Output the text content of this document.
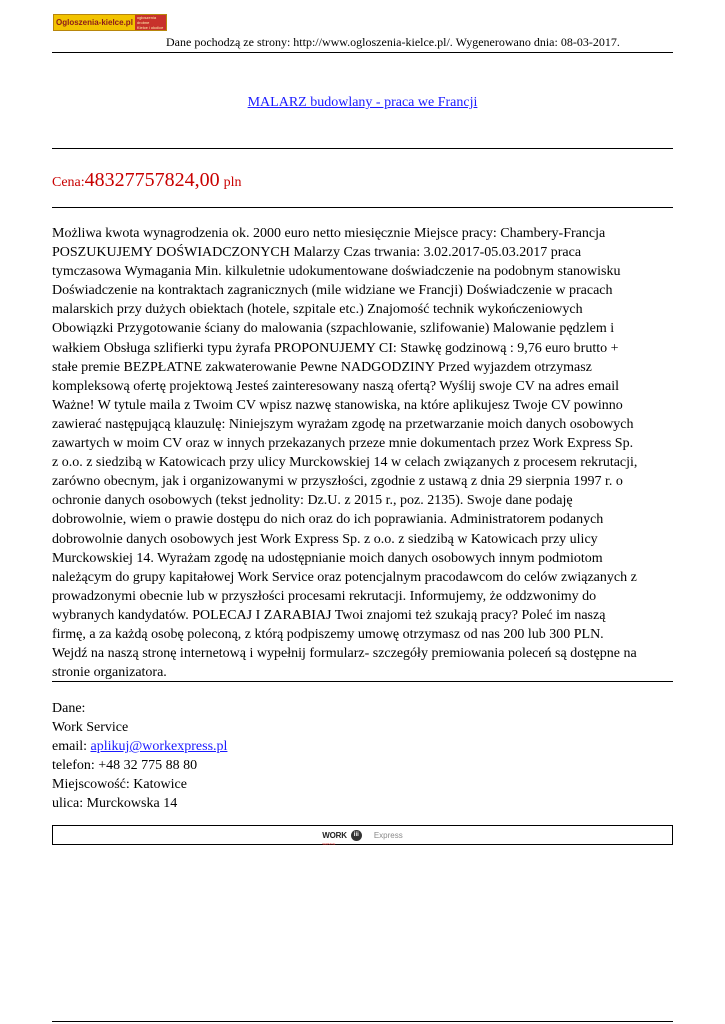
Ogloszenia-kielce.pl
ogłoszenia
drobne
Kielce i okolice
Dane pochodzą ze strony: http://www.ogloszenia-kielce.pl/. Wygenerowano dnia: 08-03-2017.
MALARZ budowlany - praca we Francji
Cena:48327757824,00 pln
Możliwa kwota wynagrodzenia ok. 2000 euro netto miesięcznie Miejsce pracy: Chambery-Francja
POSZUKUJEMY DOŚWIADCZONYCH Malarzy Czas trwania: 3.02.2017-05.03.2017 praca
tymczasowa Wymagania Min. kilkuletnie udokumentowane doświadczenie na podobnym stanowisku
Doświadczenie na kontraktach zagranicznych (mile widziane we Francji) Doświadczenie w pracach
malarskich przy dużych obiektach (hotele, szpitale etc.) Znajomość technik wykończeniowych
Obowiązki Przygotowanie ściany do malowania (szpachlowanie, szlifowanie) Malowanie pędzlem i
wałkiem Obsługa szlifierki typu żyrafa PROPONUJEMY CI: Stawkę godzinową : 9,76 euro brutto +
stałe premie BEZPŁATNE zakwaterowanie Pewne NADGODZINY Przed wyjazdem otrzymasz
kompleksową ofertę projektową Jesteś zainteresowany naszą ofertą? Wyślij swoje CV na adres email
Ważne! W tytule maila z Twoim CV wpisz nazwę stanowiska, na które aplikujesz Twoje CV powinno
zawierać następującą klauzulę: Niniejszym wyrażam zgodę na przetwarzanie moich danych osobowych
zawartych w moim CV oraz w innych przekazanych przeze mnie dokumentach przez Work Express Sp.
z o.o. z siedzibą w Katowicach przy ulicy Murckowskiej 14 w celach związanych z procesem rekrutacji,
zarówno obecnym, jak i organizowanymi w przyszłości, zgodnie z ustawą z dnia 29 sierpnia 1997 r. o
ochronie danych osobowych (tekst jednolity: Dz.U. z 2015 r., poz. 2135). Swoje dane podaję
dobrowolnie, wiem o prawie dostępu do nich oraz do ich poprawiania. Administratorem podanych
dobrowolnie danych osobowych jest Work Express Sp. z o.o. z siedzibą w Katowicach przy ulicy
Murckowskiej 14. Wyrażam zgodę na udostępnianie moich danych osobowych innym podmiotom
należącym do grupy kapitałowej Work Service oraz potencjalnym pracodawcom do celów związanych z
prowadzonymi obecnie lub w przyszłości procesami rekrutacji. Informujemy, że oddzwonimy do
wybranych kandydatów. POLECAJ I ZARABIAJ Twoi znajomi też szukają pracy? Poleć im naszą
firmę, a za każdą osobę poleconą, z którą podpiszemy umowę otrzymasz od nas 200 lub 300 PLN.
Wejdź na naszą stronę internetową i wypełnij formularz- szczegóły premiowania poleceń są dostępne na
stronie organizatora.
Dane:
Work Service
email: aplikuj@workexpress.pl
telefon: +48 32 775 88 80
Miejscowość: Katowice
ulica: Murckowska 14
WORK
SERVICE
iii	Express
